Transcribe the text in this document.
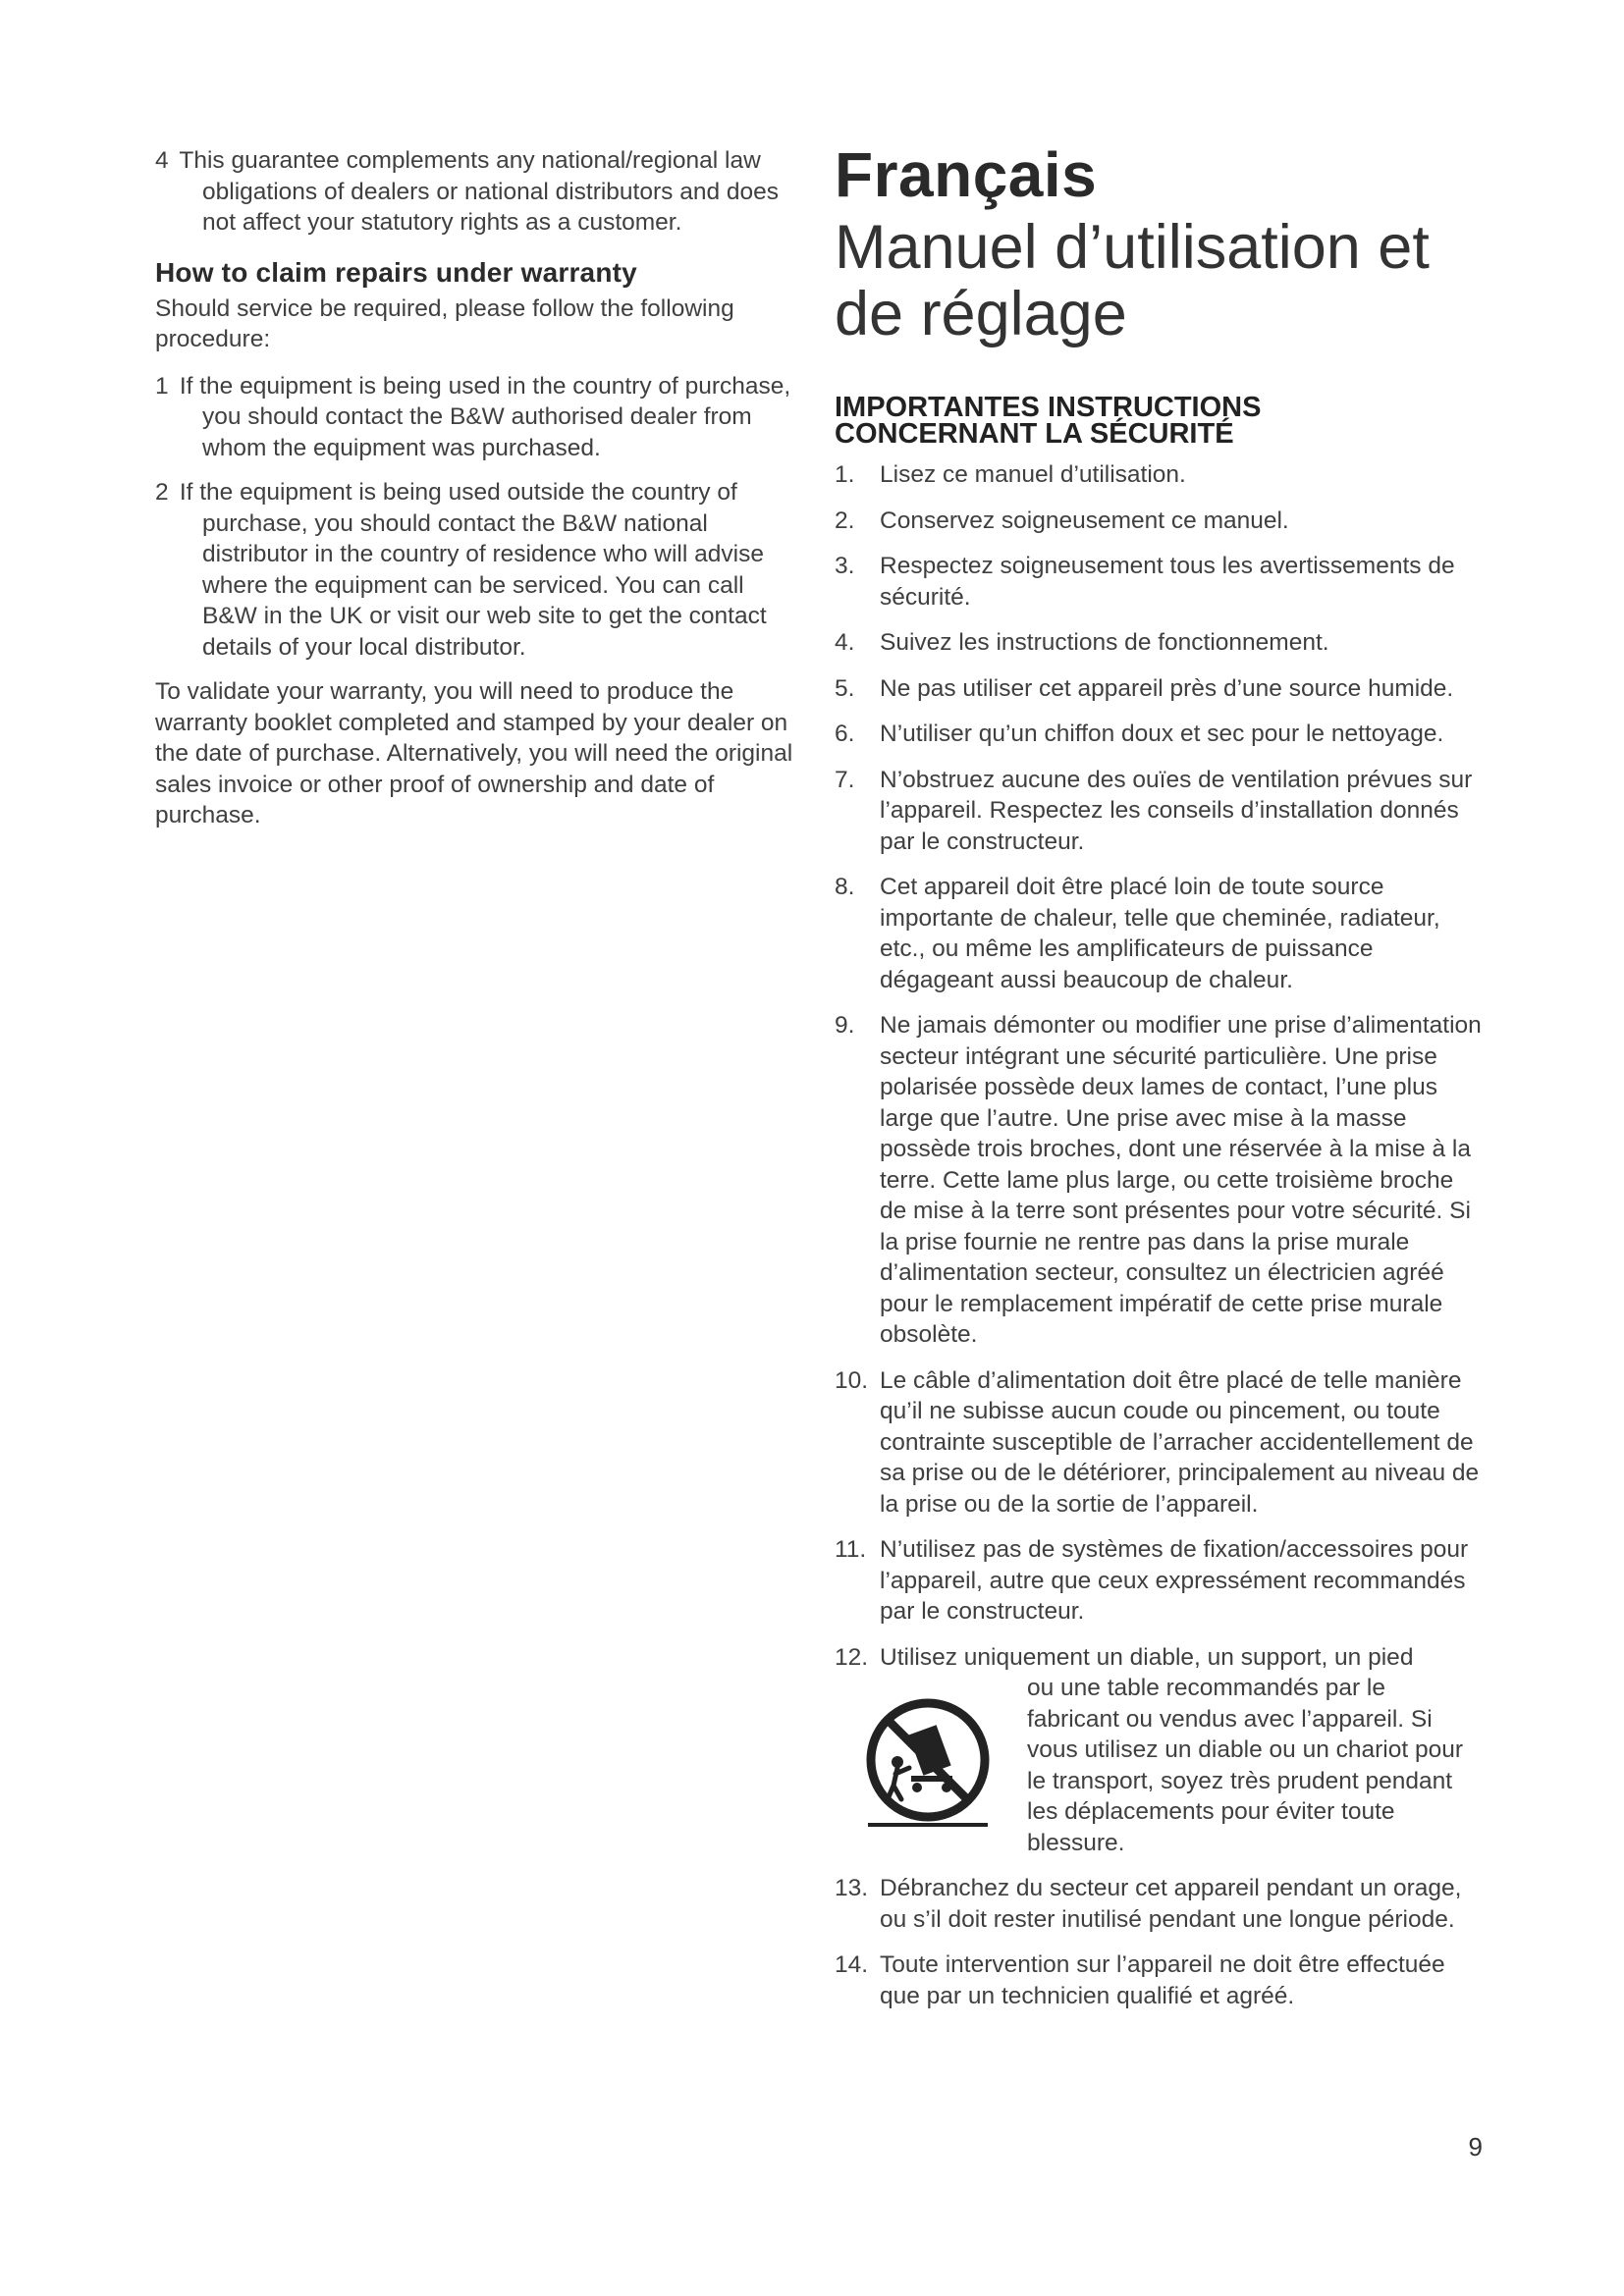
4 This guarantee complements any national/regional law obligations of dealers or national distributors and does not affect your statutory rights as a customer.

How to claim repairs under warranty

Should service be required, please follow the following procedure:

1 If the equipment is being used in the country of purchase, you should contact the B&W authorised dealer from whom the equipment was purchased.

2 If the equipment is being used outside the country of purchase, you should contact the B&W national distributor in the country of residence who will advise where the equipment can be serviced. You can call B&W in the UK or visit our web site to get the contact details of your local distributor.

To validate your warranty, you will need to produce the warranty booklet completed and stamped by your dealer on the date of purchase. Alternatively, you will need the original sales invoice or other proof of ownership and date of purchase.

Français
Manuel d’utilisation et de réglage
IMPORTANTES INSTRUCTIONS
CONCERNANT LA SÉCURITÉ
1. Lisez ce manuel d’utilisation.
2. Conservez soigneusement ce manuel.
3. Respectez soigneusement tous les avertissements de sécurité.
4. Suivez les instructions de fonctionnement.
5. Ne pas utiliser cet appareil près d’une source humide.
6. N’utiliser qu’un chiffon doux et sec pour le nettoyage.
7. N’obstruez aucune des ouïes de ventilation prévues sur l’appareil. Respectez les conseils d’installation donnés par le constructeur.
8. Cet appareil doit être placé loin de toute source importante de chaleur, telle que cheminée, radiateur, etc., ou même les amplificateurs de puissance dégageant aussi beaucoup de chaleur.
9. Ne jamais démonter ou modifier une prise d’alimentation secteur intégrant une sécurité particulière. Une prise polarisée possède deux lames de contact, l’une plus large que l’autre. Une prise avec mise à la masse possède trois broches, dont une réservée à la mise à la terre. Cette lame plus large, ou cette troisième broche de mise à la terre sont présentes pour votre sécurité. Si la prise fournie ne rentre pas dans la prise murale d’alimentation secteur, consultez un électricien agréé pour le remplacement impératif de cette prise murale obsolète.
10. Le câble d’alimentation doit être placé de telle manière qu’il ne subisse aucun coude ou pincement, ou toute contrainte susceptible de l’arracher accidentellement de sa prise ou de le détériorer, principalement au niveau de la prise ou de la sortie de l’appareil.
11. N’utilisez pas de systèmes de fixation/accessoires pour l’appareil, autre que ceux expressément recommandés par le constructeur.
12. Utilisez uniquement un diable, un support, un pied
ou une table recommandés par le fabricant ou vendus avec l’appareil. Si vous utilisez un diable ou un chariot pour le transport, soyez très prudent pendant les déplacements pour éviter toute blessure.
13. Débranchez du secteur cet appareil pendant un orage, ou s’il doit rester inutilisé pendant une longue période.
14. Toute intervention sur l’appareil ne doit être effectuée que par un technicien qualifié et agréé.
9
